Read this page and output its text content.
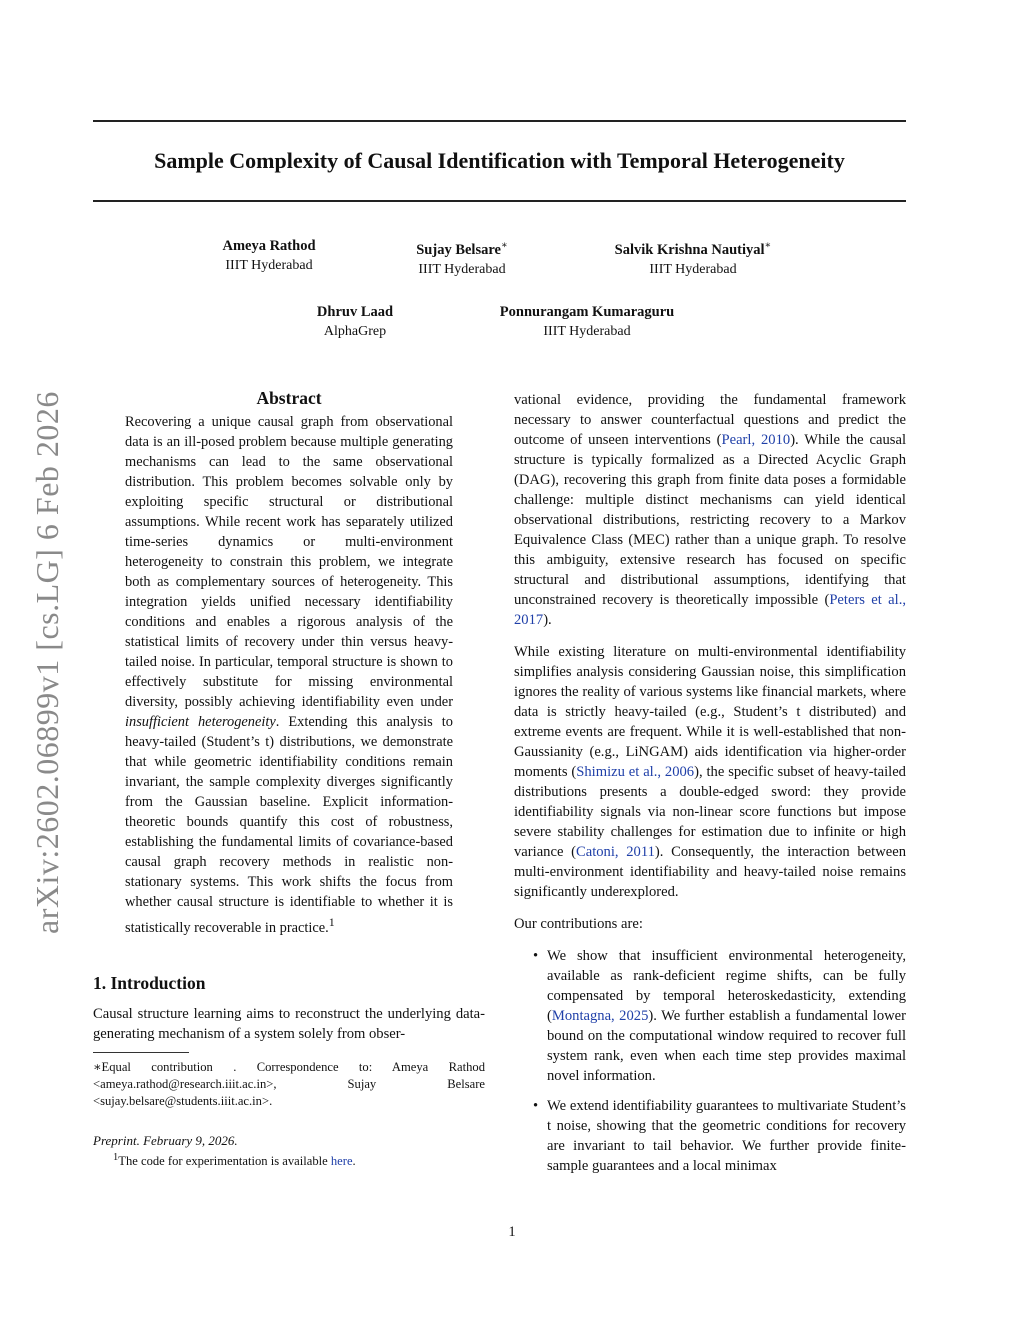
arXiv:2602.06899v1 [cs.LG] 6 Feb 2026
Sample Complexity of Causal Identification with Temporal Heterogeneity
Ameya Rathod
IIIT Hyderabad
Sujay Belsare∗
IIIT Hyderabad
Salvik Krishna Nautiyal∗
IIIT Hyderabad
Dhruv Laad
AlphaGrep
Ponnurangam Kumaraguru
IIIT Hyderabad
Abstract
Recovering a unique causal graph from observational data is an ill-posed problem because multiple generating mechanisms can lead to the same observational distribution. This problem becomes solvable only by exploiting specific structural or distributional assumptions. While recent work has separately utilized time-series dynamics or multi-environment heterogeneity to constrain this problem, we integrate both as complementary sources of heterogeneity. This integration yields unified necessary identifiability conditions and enables a rigorous analysis of the statistical limits of recovery under thin versus heavy-tailed noise. In particular, temporal structure is shown to effectively substitute for missing environmental diversity, possibly achieving identifiability even under insufficient heterogeneity. Extending this analysis to heavy-tailed (Student’s t) distributions, we demonstrate that while geometric identifiability conditions remain invariant, the sample complexity diverges significantly from the Gaussian baseline. Explicit information-theoretic bounds quantify this cost of robustness, establishing the fundamental limits of covariance-based causal graph recovery methods in realistic non-stationary systems. This work shifts the focus from whether causal structure is identifiable to whether it is statistically recoverable in practice.$^1$
1. Introduction

Causal structure learning aims to reconstruct the underlying data-generating mechanism of a system solely from obser-

∗Equal contribution . Correspondence to: Ameya Rathod <ameya.rathod@research.iiit.ac.in>, Sujay Belsare <sujay.belsare@students.iiit.ac.in>.
Preprint. February 9, 2026.
$^1$The code for experimentation is available here.

vational evidence, providing the fundamental framework necessary to answer counterfactual questions and predict the outcome of unseen interventions (Pearl, 2010). While the causal structure is typically formalized as a Directed Acyclic Graph (DAG), recovering this graph from finite data poses a formidable challenge: multiple distinct mechanisms can yield identical observational distributions, restricting recovery to a Markov Equivalence Class (MEC) rather than a unique graph. To resolve this ambiguity, extensive research has focused on specific structural and distributional assumptions, identifying that unconstrained recovery is theoretically impossible (Peters et al., 2017).

While existing literature on multi-environmental identifiability simplifies analysis considering Gaussian noise, this simplification ignores the reality of various systems like financial markets, where data is strictly heavy-tailed (e.g., Student’s t distributed) and extreme events are frequent. While it is well-established that non-Gaussianity (e.g., LiNGAM) aids identification via higher-order moments (Shimizu et al., 2006), the specific subset of heavy-tailed distributions presents a double-edged sword: they provide identifiability signals via non-linear score functions but impose severe stability challenges for estimation due to infinite or high variance (Catoni, 2011). Consequently, the interaction between multi-environment identifiability and heavy-tailed noise remains significantly underexplored.

Our contributions are:

• We show that insufficient environmental heterogeneity, available as rank-deficient regime shifts, can be fully compensated by temporal heteroskedasticity, extending (Montagna, 2025). We further establish a fundamental lower bound on the computational window required to recover full system rank, even when each time step provides maximal novel information.
• We extend identifiability guarantees to multivariate Student’s t noise, showing that the geometric conditions for recovery are invariant to tail behavior. We further provide finite-sample guarantees and a local minimax
1
